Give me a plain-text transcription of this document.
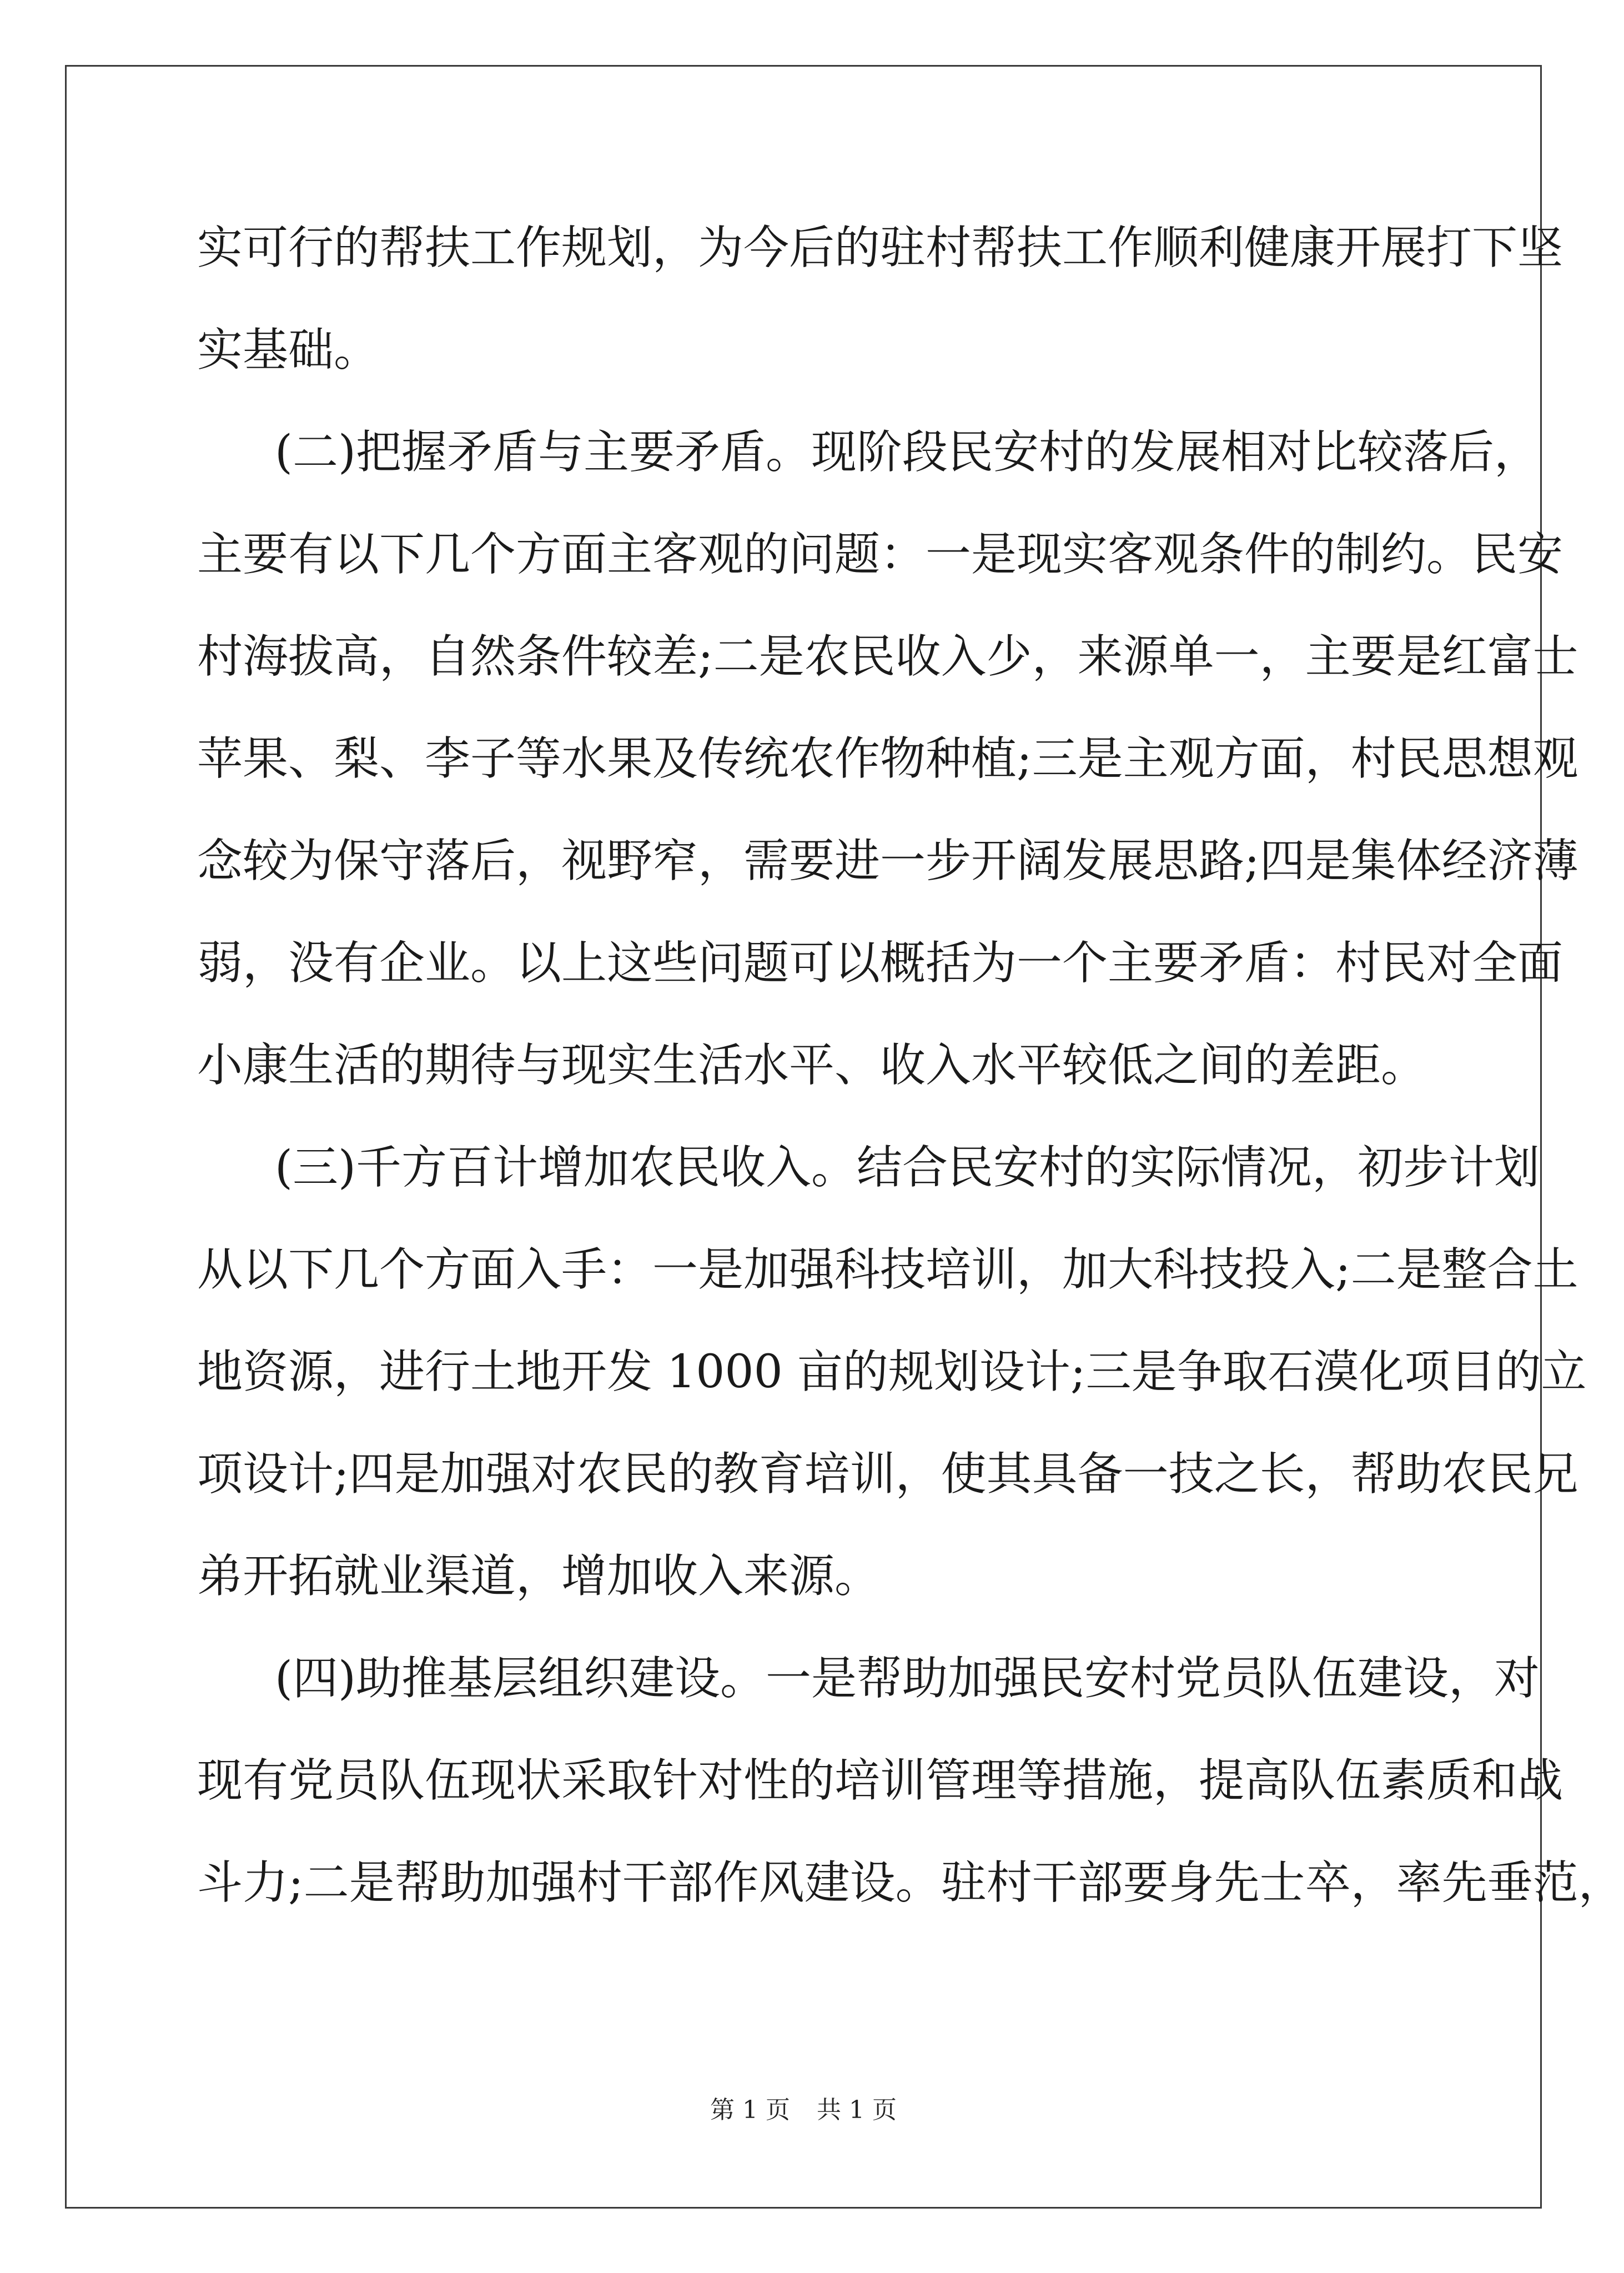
实可行的帮扶工作规划，为今后的驻村帮扶工作顺利健康开展打下坚
实基础。
(二)把握矛盾与主要矛盾。现阶段民安村的发展相对比较落后，
主要有以下几个方面主客观的问题：一是现实客观条件的制约。民安
村海拔高，自然条件较差;二是农民收入少，来源单一，主要是红富士
苹果、梨、李子等水果及传统农作物种植;三是主观方面，村民思想观
念较为保守落后，视野窄，需要进一步开阔发展思路;四是集体经济薄
弱，没有企业。以上这些问题可以概括为一个主要矛盾：村民对全面
小康生活的期待与现实生活水平、收入水平较低之间的差距。
(三)千方百计增加农民收入。结合民安村的实际情况，初步计划
从以下几个方面入手：一是加强科技培训，加大科技投入;二是整合土
地资源，进行土地开发 1000 亩的规划设计;三是争取石漠化项目的立
项设计;四是加强对农民的教育培训，使其具备一技之长，帮助农民兄
弟开拓就业渠道，增加收入来源。
(四)助推基层组织建设。一是帮助加强民安村党员队伍建设，对
现有党员队伍现状采取针对性的培训管理等措施，提高队伍素质和战
斗力;二是帮助加强村干部作风建设。驻村干部要身先士卒，率先垂范，
第 1 页 共 1 页
